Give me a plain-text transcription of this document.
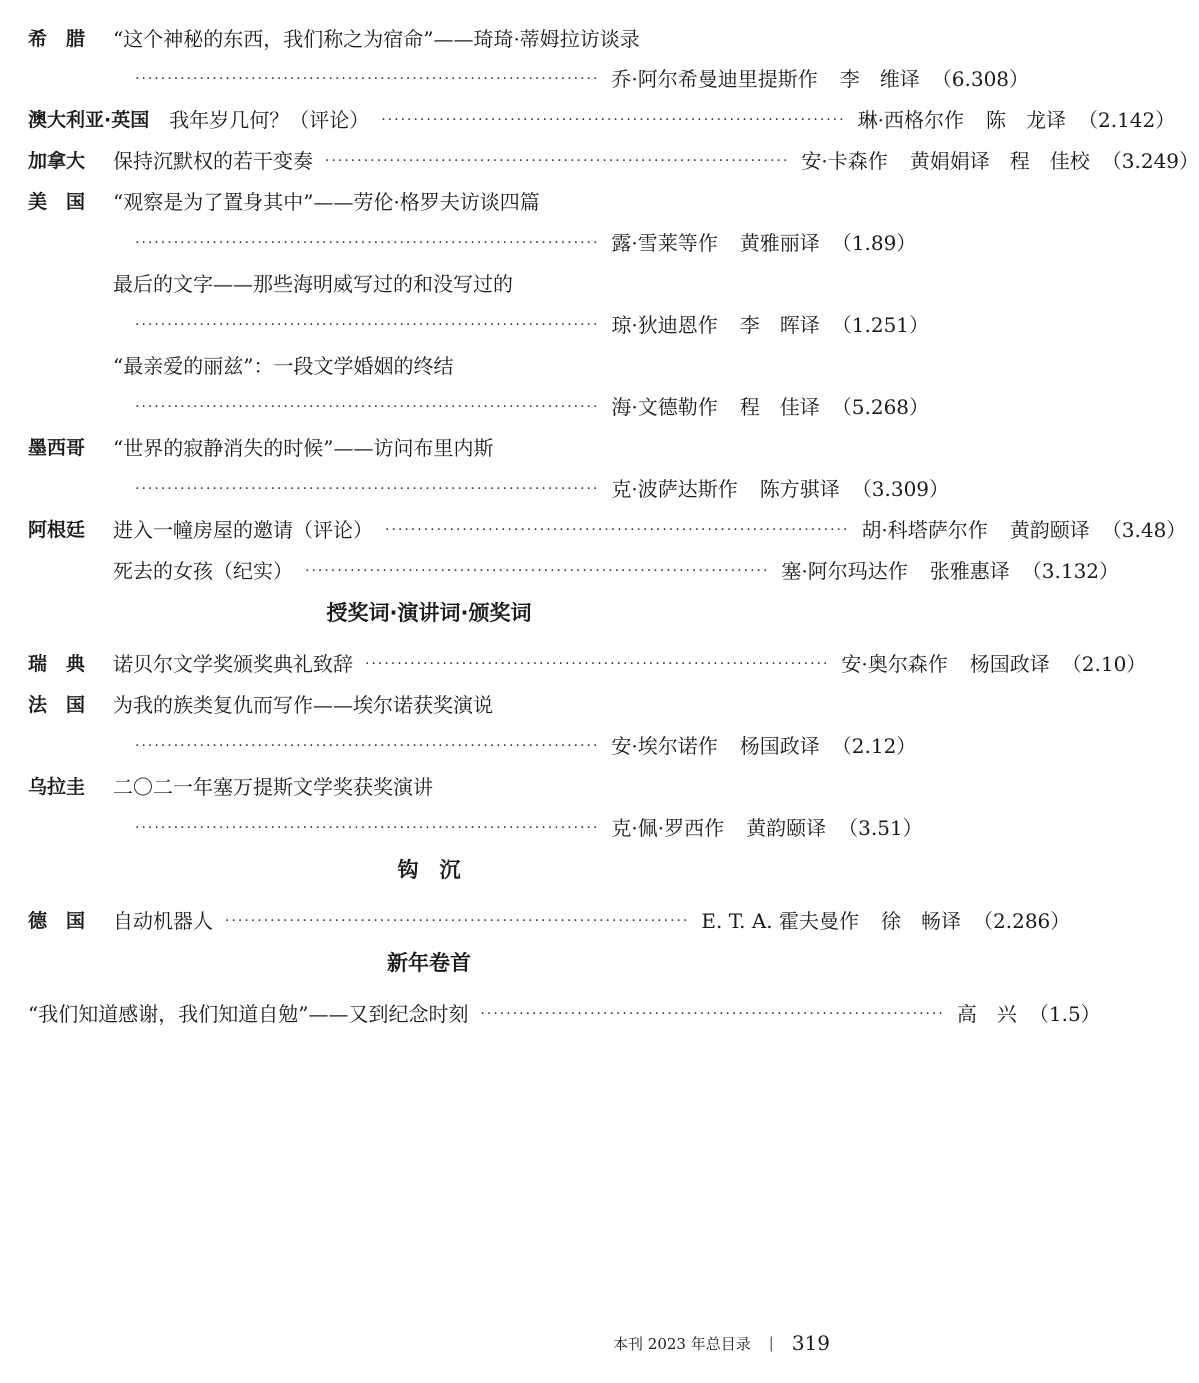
希　腊	“这个神秘的东西，我们称之为宿命”——琦琦·蒂姆拉访谈录
········································································ 乔·阿尔希曼迪里提斯作 李　维译 （6.308）
澳大利亚·英国 我年岁几何？（评论） ········································································ 琳·西格尔作 陈　龙译 （2.142）
加拿大	保持沉默权的若干变奏 ········································································ 安·卡森作 黄娟娟译　程　佳校 （3.249）
美　国	“观察是为了置身其中”——劳伦·格罗夫访谈四篇
········································································ 露·雪莱等作 黄雅丽译 （1.89）
最后的文字——那些海明威写过的和没写过的
········································································ 琼·狄迪恩作 李　晖译 （1.251）
“最亲爱的丽兹”：一段文学婚姻的终结
········································································ 海·文德勒作 程　佳译 （5.268）
墨西哥	“世界的寂静消失的时候”——访问布里内斯
········································································ 克·波萨达斯作 陈方骐译 （3.309）
阿根廷	进入一幢房屋的邀请（评论） ········································································ 胡·科塔萨尔作 黄韵颐译 （3.48）
死去的女孩（纪实） ········································································ 塞·阿尔玛达作 张雅惠译 （3.132）
授奖词·演讲词·颁奖词
瑞　典	诺贝尔文学奖颁奖典礼致辞 ········································································ 安·奥尔森作 杨国政译 （2.10）
法　国	为我的族类复仇而写作——埃尔诺获奖演说
········································································ 安·埃尔诺作 杨国政译 （2.12）
乌拉圭	二〇二一年塞万提斯文学奖获奖演讲
········································································ 克·佩·罗西作 黄韵颐译 （3.51）
钩　沉
德　国	自动机器人 ········································································ E. T. A. 霍夫曼作 徐　畅译 （2.286）
新年卷首
“我们知道感谢，我们知道自勉”——又到纪念时刻 ········································································ 高　兴 （1.5）
本刊 2023 年总目录 | 319
